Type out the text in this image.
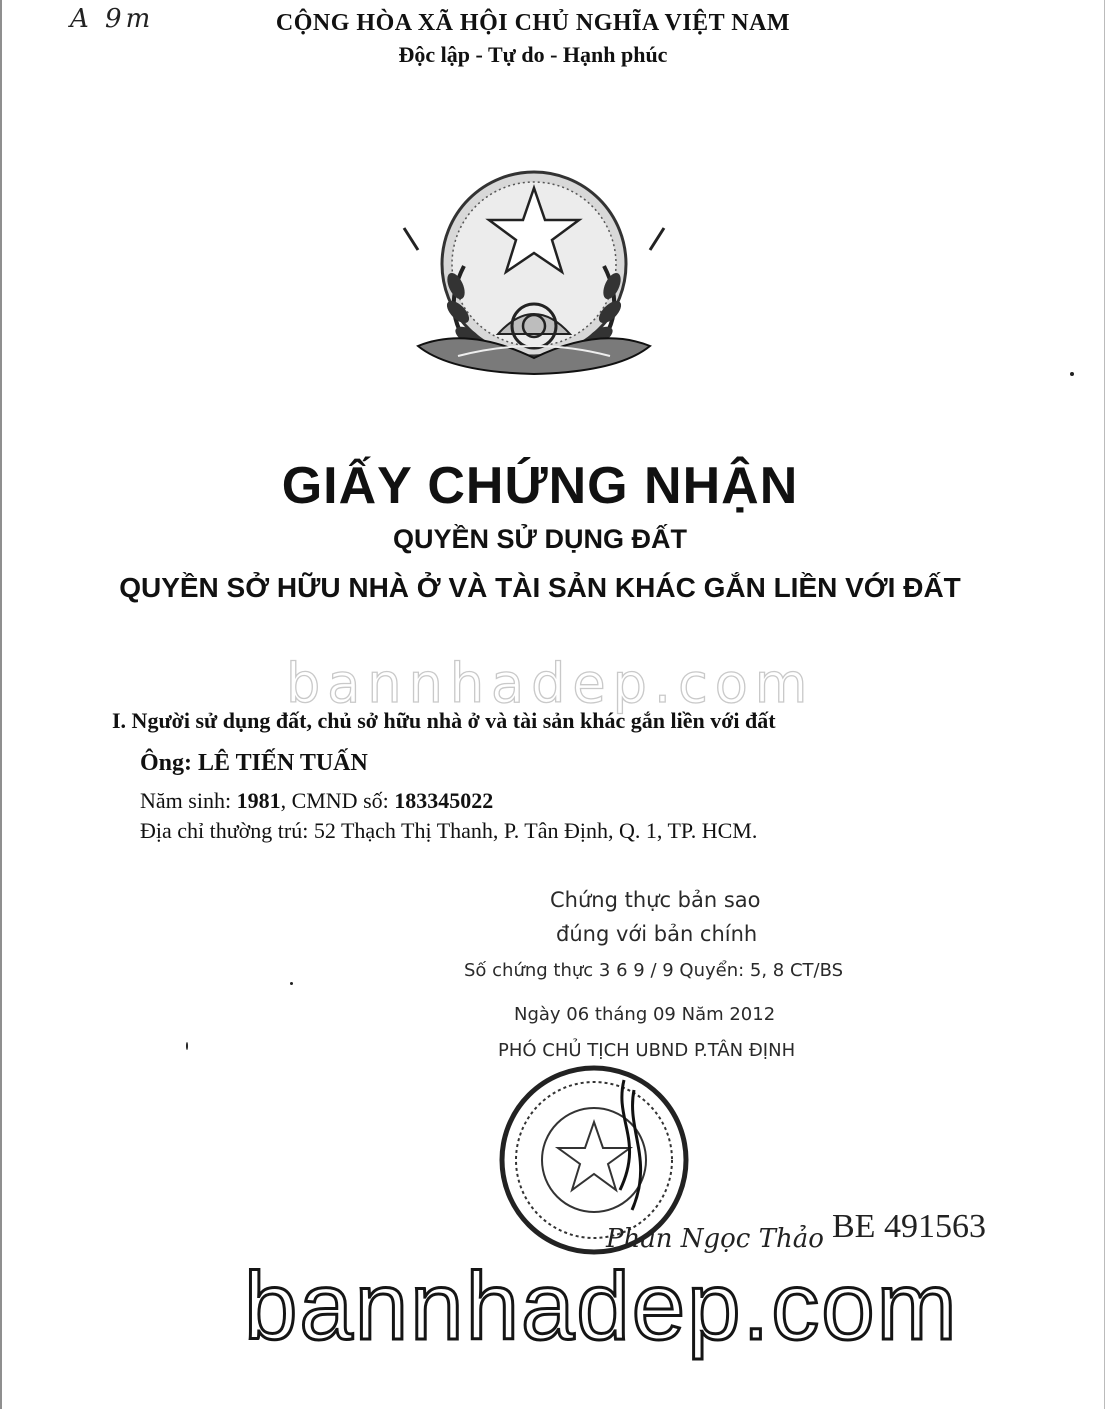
A 9m	CỘNG HÒA XÃ HỘI CHỦ NGHĨA VIỆT NAM
Độc lập - Tự do - Hạnh phúc
GIẤY CHỨNG NHẬN
QUYỀN SỬ DỤNG ĐẤT
QUYỀN SỞ HỮU NHÀ Ở VÀ TÀI SẢN KHÁC GẮN LIỀN VỚI ĐẤT
bannhadep.com
I. Người sử dụng đất, chủ sở hữu nhà ở và tài sản khác gắn liền với đất
Ông: LÊ TIẾN TUẤN
Năm sinh: 1981, CMND số: 183345022
Địa chỉ thường trú: 52 Thạch Thị Thanh, P. Tân Định, Q. 1, TP. HCM.
Chứng thực bản sao
đúng với bản chính
Số chứng thực 3 6 9 / 9 Quyển: 5, 8 CT/BS
Ngày 06 tháng 09 Năm 2012
PHÓ CHỦ TỊCH UBND P.TÂN ĐỊNH
Phan Ngọc Thảo BE 491563
bannhadep.com
